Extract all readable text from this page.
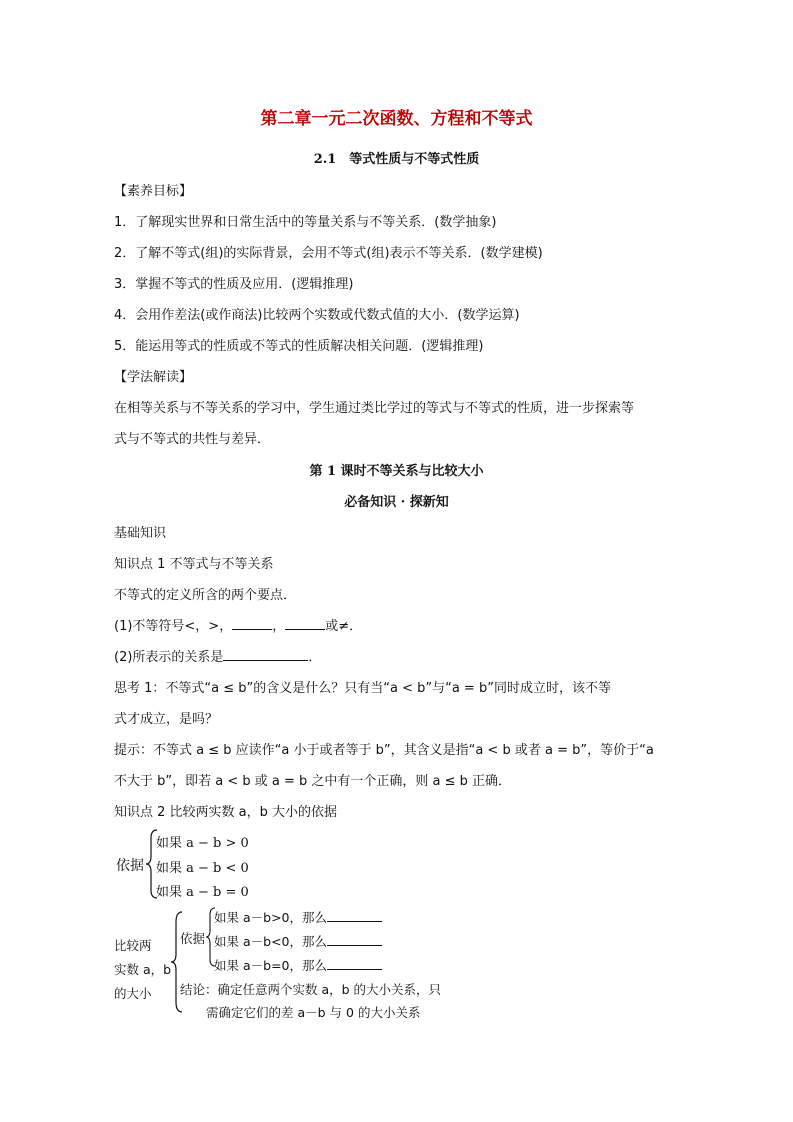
第二章一元二次函数、方程和不等式
2.1　等式性质与不等式性质
【素养目标】
1．了解现实世界和日常生活中的等量关系与不等关系．(数学抽象)
2．了解不等式(组)的实际背景，会用不等式(组)表示不等关系．(数学建模)
3．掌握不等式的性质及应用．(逻辑推理)
4．会用作差法(或作商法)比较两个实数或代数式值的大小．(数学运算)
5．能运用等式的性质或不等式的性质解决相关问题．(逻辑推理)
【学法解读】
在相等关系与不等关系的学习中，学生通过类比学过的等式与不等式的性质，进一步探索等
式与不等式的共性与差异．
第 1 课时不等关系与比较大小
必备知识 · 探新知
基础知识
知识点 1 不等式与不等关系
不等式的定义所含的两个要点．
(1)不等符号<，>，	，	或≠．
(2)所表示的关系是	．
思考 1：不等式“a ≤ b”的含义是什么？只有当“a < b”与“a = b”同时成立时，该不等
式才成立，是吗？
提示：不等式 a ≤ b 应读作“a 小于或者等于 b”，其含义是指“a < b 或者 a = b”，等价于“a
不大于 b”，即若 a < b 或 a = b 之中有一个正确，则 a ≤ b 正确．
知识点 2 比较两实数 a，b 大小的依据
依据
如果 a − b > 0
如果 a − b < 0
如果 a − b = 0
比较两
实数 a，b
的大小
依据
如果 a－b>0，那么
如果 a－b<0，那么
如果 a－b=0，那么
结论：确定任意两个实数 a，b 的大小关系，只
需确定它们的差 a－b 与 0 的大小关系
